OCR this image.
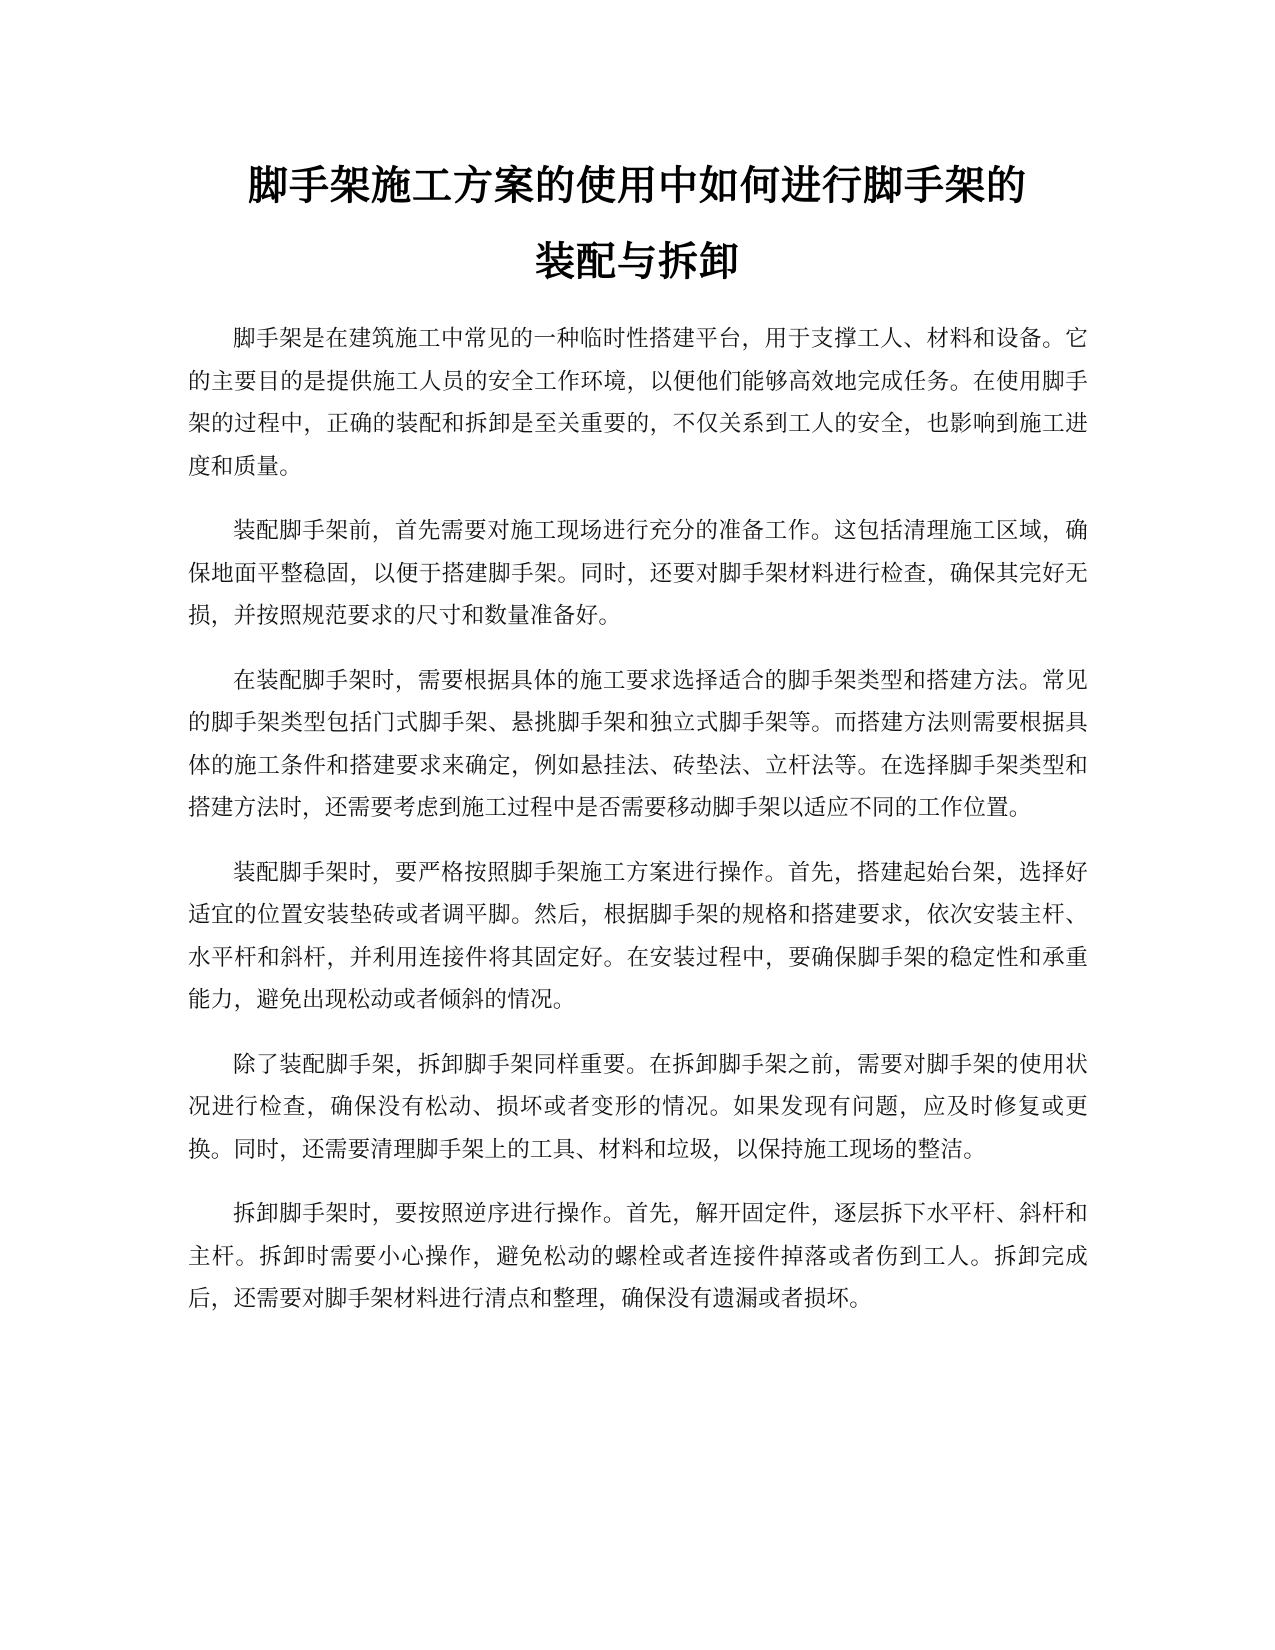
脚手架施工方案的使用中如何进行脚手架的
装配与拆卸

脚手架是在建筑施工中常见的一种临时性搭建平台，用于支撑工人、材料和设备。它的主要目的是提供施工人员的安全工作环境，以便他们能够高效地完成任务。在使用脚手架的过程中，正确的装配和拆卸是至关重要的，不仅关系到工人的安全，也影响到施工进度和质量。

装配脚手架前，首先需要对施工现场进行充分的准备工作。这包括清理施工区域，确保地面平整稳固，以便于搭建脚手架。同时，还要对脚手架材料进行检查，确保其完好无损，并按照规范要求的尺寸和数量准备好。

在装配脚手架时，需要根据具体的施工要求选择适合的脚手架类型和搭建方法。常见的脚手架类型包括门式脚手架、悬挑脚手架和独立式脚手架等。而搭建方法则需要根据具体的施工条件和搭建要求来确定，例如悬挂法、砖垫法、立杆法等。在选择脚手架类型和搭建方法时，还需要考虑到施工过程中是否需要移动脚手架以适应不同的工作位置。

装配脚手架时，要严格按照脚手架施工方案进行操作。首先，搭建起始台架，选择好适宜的位置安装垫砖或者调平脚。然后，根据脚手架的规格和搭建要求，依次安装主杆、水平杆和斜杆，并利用连接件将其固定好。在安装过程中，要确保脚手架的稳定性和承重能力，避免出现松动或者倾斜的情况。

除了装配脚手架，拆卸脚手架同样重要。在拆卸脚手架之前，需要对脚手架的使用状况进行检查，确保没有松动、损坏或者变形的情况。如果发现有问题，应及时修复或更换。同时，还需要清理脚手架上的工具、材料和垃圾，以保持施工现场的整洁。

拆卸脚手架时，要按照逆序进行操作。首先，解开固定件，逐层拆下水平杆、斜杆和主杆。拆卸时需要小心操作，避免松动的螺栓或者连接件掉落或者伤到工人。拆卸完成后，还需要对脚手架材料进行清点和整理，确保没有遗漏或者损坏。
